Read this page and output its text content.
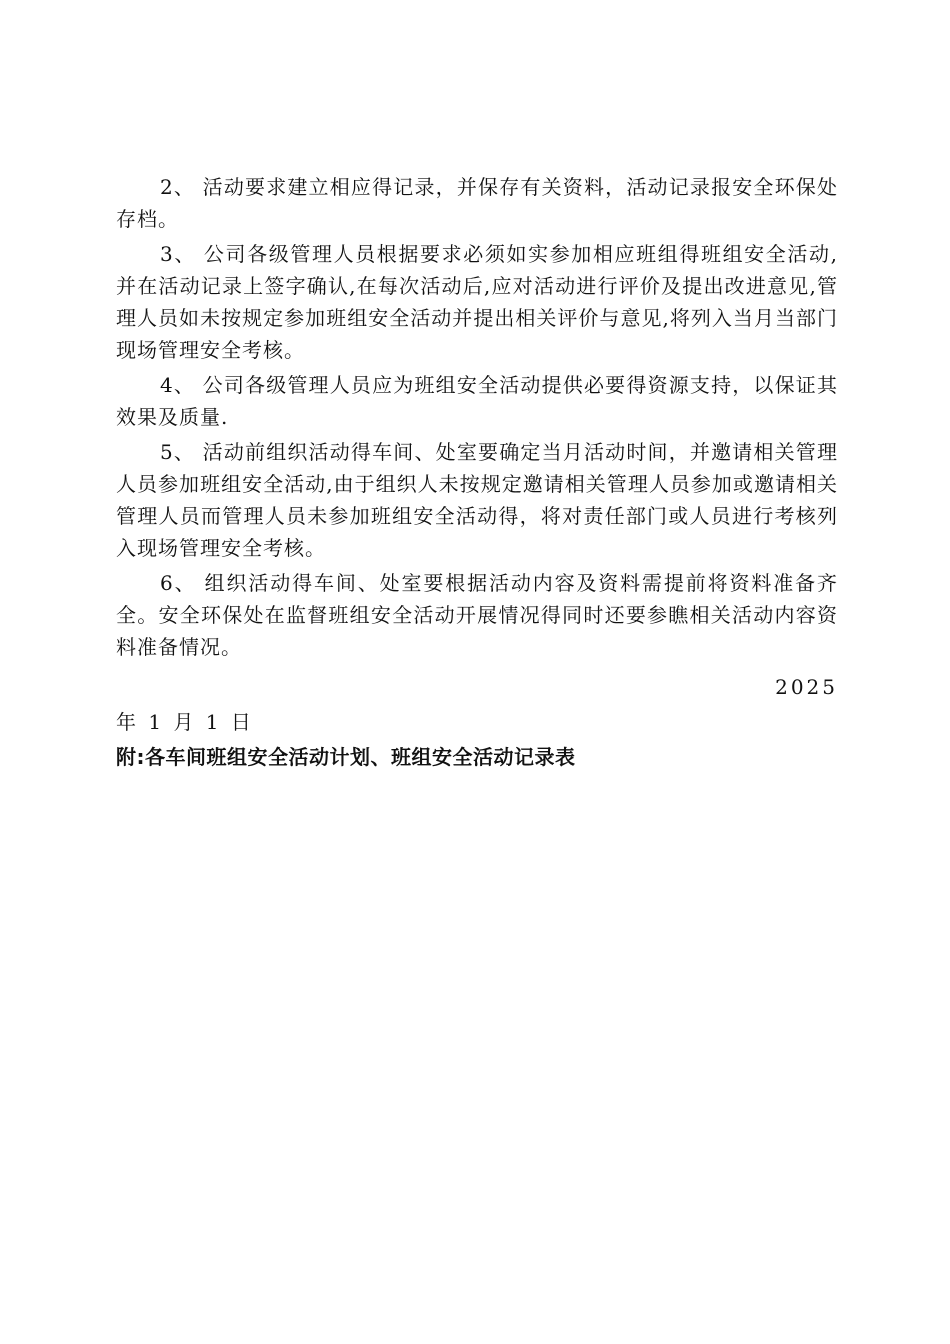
2、 活动要求建立相应得记录，并保存有关资料，活动记录报安全环保处存档。

3、 公司各级管理人员根据要求必须如实参加相应班组得班组安全活动,并在活动记录上签字确认,在每次活动后,应对活动进行评价及提出改进意见,管理人员如未按规定参加班组安全活动并提出相关评价与意见,将列入当月当部门现场管理安全考核。

4、 公司各级管理人员应为班组安全活动提供必要得资源支持，以保证其效果及质量.

5、 活动前组织活动得车间、处室要确定当月活动时间，并邀请相关管理人员参加班组安全活动,由于组织人未按规定邀请相关管理人员参加或邀请相关管理人员而管理人员未参加班组安全活动得，将对责任部门或人员进行考核列入现场管理安全考核。

6、 组织活动得车间、处室要根据活动内容及资料需提前将资料准备齐全。安全环保处在监督班组安全活动开展情况得同时还要参瞧相关活动内容资料准备情况。

2025
年 1 月 1 日
附:各车间班组安全活动计划、班组安全活动记录表
